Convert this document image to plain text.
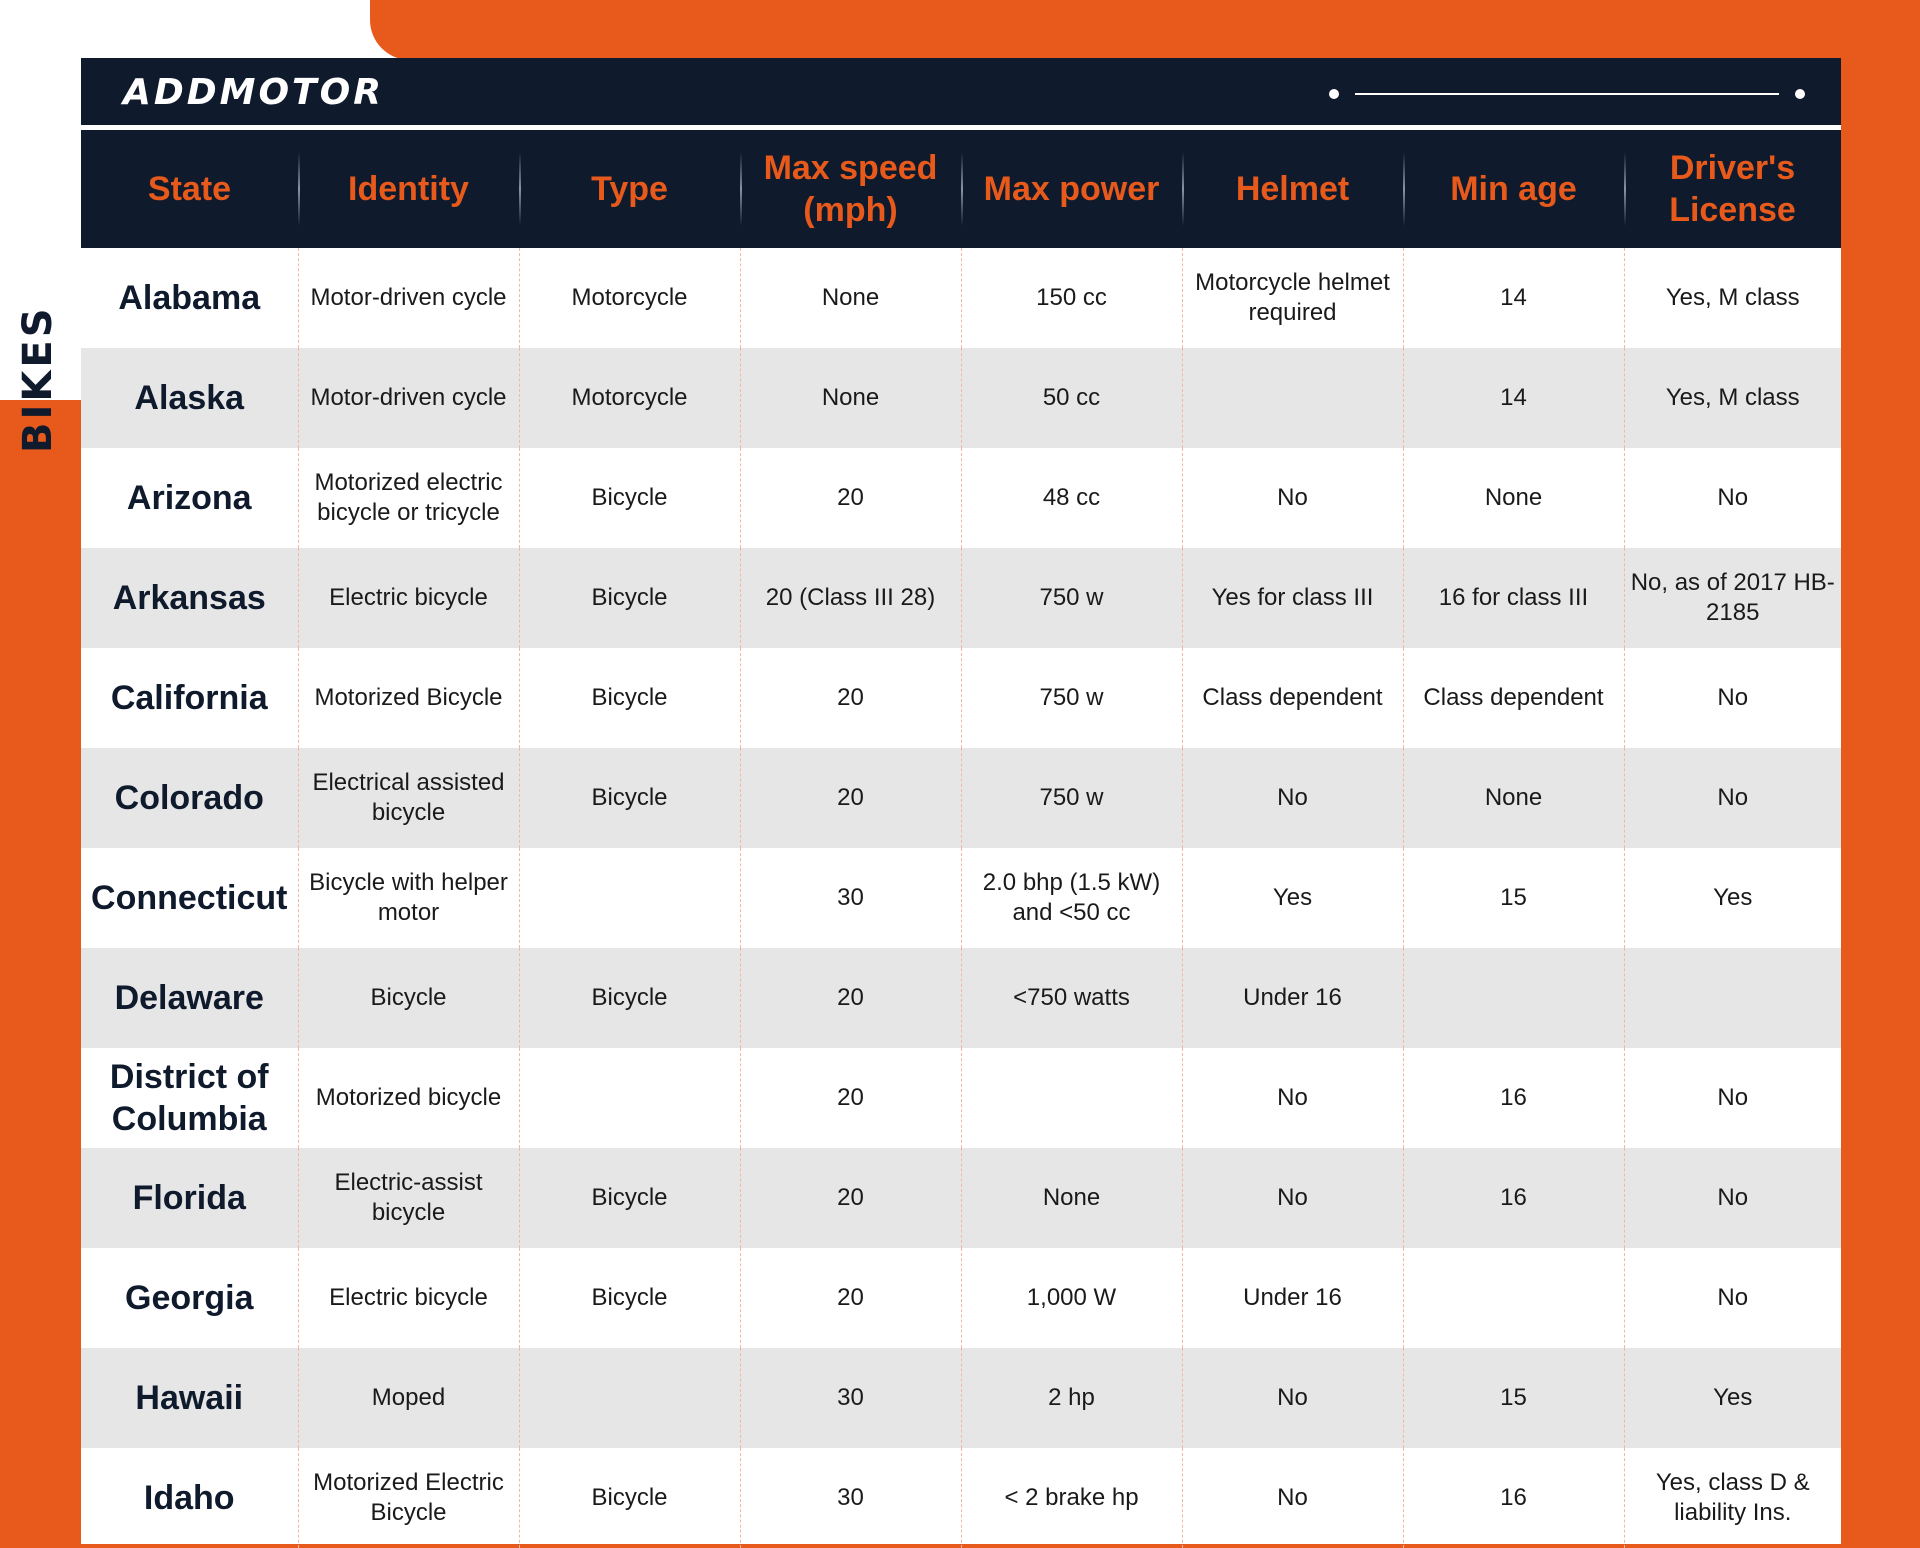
ELECTRIC
BIKES
ADDMOTOR
State	Identity	Type	Max speed (mph)	Max power	Helmet	Min age	Driver's License
Alabama	Motor-driven cycle	Motorcycle	None	150 cc	Motorcycle helmet required	14	Yes, M class
Alaska	Motor-driven cycle	Motorcycle	None	50 cc		14	Yes, M class
Arizona	Motorized electric bicycle or tricycle	Bicycle	20	48 cc	No	None	No
Arkansas	Electric bicycle	Bicycle	20 (Class III 28)	750 w	Yes for class III	16 for class III	No, as of 2017 HB-2185
California	Motorized Bicycle	Bicycle	20	750 w	Class dependent	Class dependent	No
Colorado	Electrical assisted bicycle	Bicycle	20	750 w	No	None	No
Connecticut	Bicycle with helper motor		30	2.0 bhp (1.5 kW) and <50 cc	Yes	15	Yes
Delaware	Bicycle	Bicycle	20	<750 watts	Under 16		
District of Columbia	Motorized bicycle		20		No	16	No
Florida	Electric-assist bicycle	Bicycle	20	None	No	16	No
Georgia	Electric bicycle	Bicycle	20	1,000 W	Under 16		No
Hawaii	Moped		30	2 hp	No	15	Yes
Idaho	Motorized Electric Bicycle	Bicycle	30	< 2 brake hp	No	16	Yes, class D & liability Ins.
